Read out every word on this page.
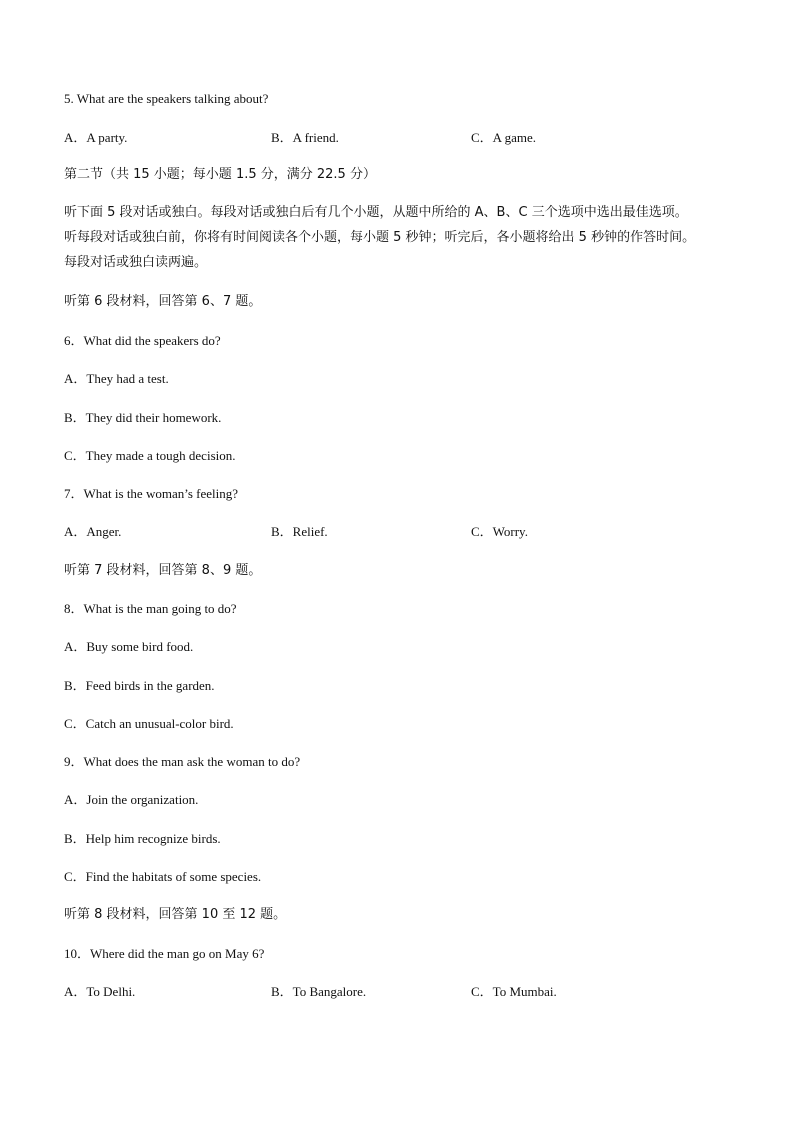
5. What are the speakers talking about?
A．A party.	B．A friend.	C．A game.
第二节（共 15 小题；每小题 1.5 分，满分 22.5 分）
听下面 5 段对话或独白。每段对话或独白后有几个小题，从题中所给的 A、B、C 三个选项中选出最佳选项。
听每段对话或独白前，你将有时间阅读各个小题，每小题 5 秒钟；听完后，各小题将给出 5 秒钟的作答时间。
每段对话或独白读两遍。
听第 6 段材料，回答第 6、7 题。
6．What did the speakers do?
A．They had a test.
B．They did their homework.
C．They made a tough decision.
7．What is the woman’s feeling?
A．Anger.	B．Relief.	C．Worry.
听第 7 段材料，回答第 8、9 题。
8．What is the man going to do?
A．Buy some bird food.
B．Feed birds in the garden.
C．Catch an unusual-color bird.
9．What does the man ask the woman to do?
A．Join the organization.
B．Help him recognize birds.
C．Find the habitats of some species.
听第 8 段材料，回答第 10 至 12 题。
10．Where did the man go on May 6?
A．To Delhi.	B．To Bangalore.	C．To Mumbai.
